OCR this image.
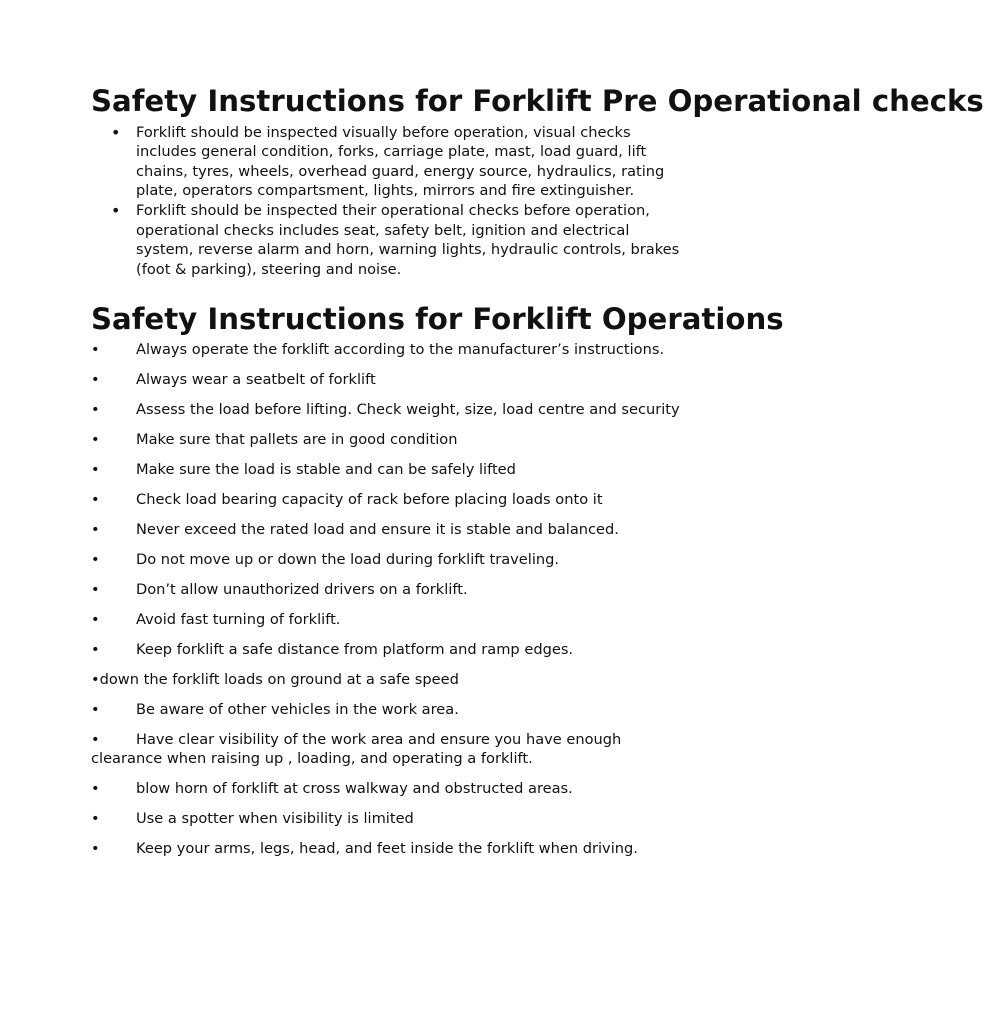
Safety Instructions for Forklift Pre Operational checks
• Forklift should be inspected visually before operation, visual checks includes general condition, forks, carriage plate, mast, load guard, lift chains, tyres, wheels, overhead guard, energy source, hydraulics, rating plate, operators compartsment, lights, mirrors and fire extinguisher.
• Forklift should be inspected their operational checks before operation, operational checks includes seat, safety belt, ignition and electrical system, reverse alarm and horn, warning lights, hydraulic controls, brakes (foot & parking), steering and noise.
Safety Instructions for Forklift Operations

• Always operate the forklift according to the manufacturer’s instructions.

• Always wear a seatbelt of forklift

• Assess the load before lifting. Check weight, size, load centre and security

• Make sure that pallets are in good condition

• Make sure the load is stable and can be safely lifted

• Check load bearing capacity of rack before placing loads onto it

• Never exceed the rated load and ensure it is stable and balanced.

• Do not move up or down the load during forklift traveling.

• Don’t allow unauthorized drivers on a forklift.

• Avoid fast turning of forklift.

• Keep forklift a safe distance from platform and ramp edges.

•down the forklift loads on ground at a safe speed

• Be aware of other vehicles in the work area.

• Have clear visibility of the work area and ensure you have enough clearance when raising up , loading, and operating a forklift.

• blow horn of forklift at cross walkway and obstructed areas.

• Use a spotter when visibility is limited

• Keep your arms, legs, head, and feet inside the forklift when driving.
